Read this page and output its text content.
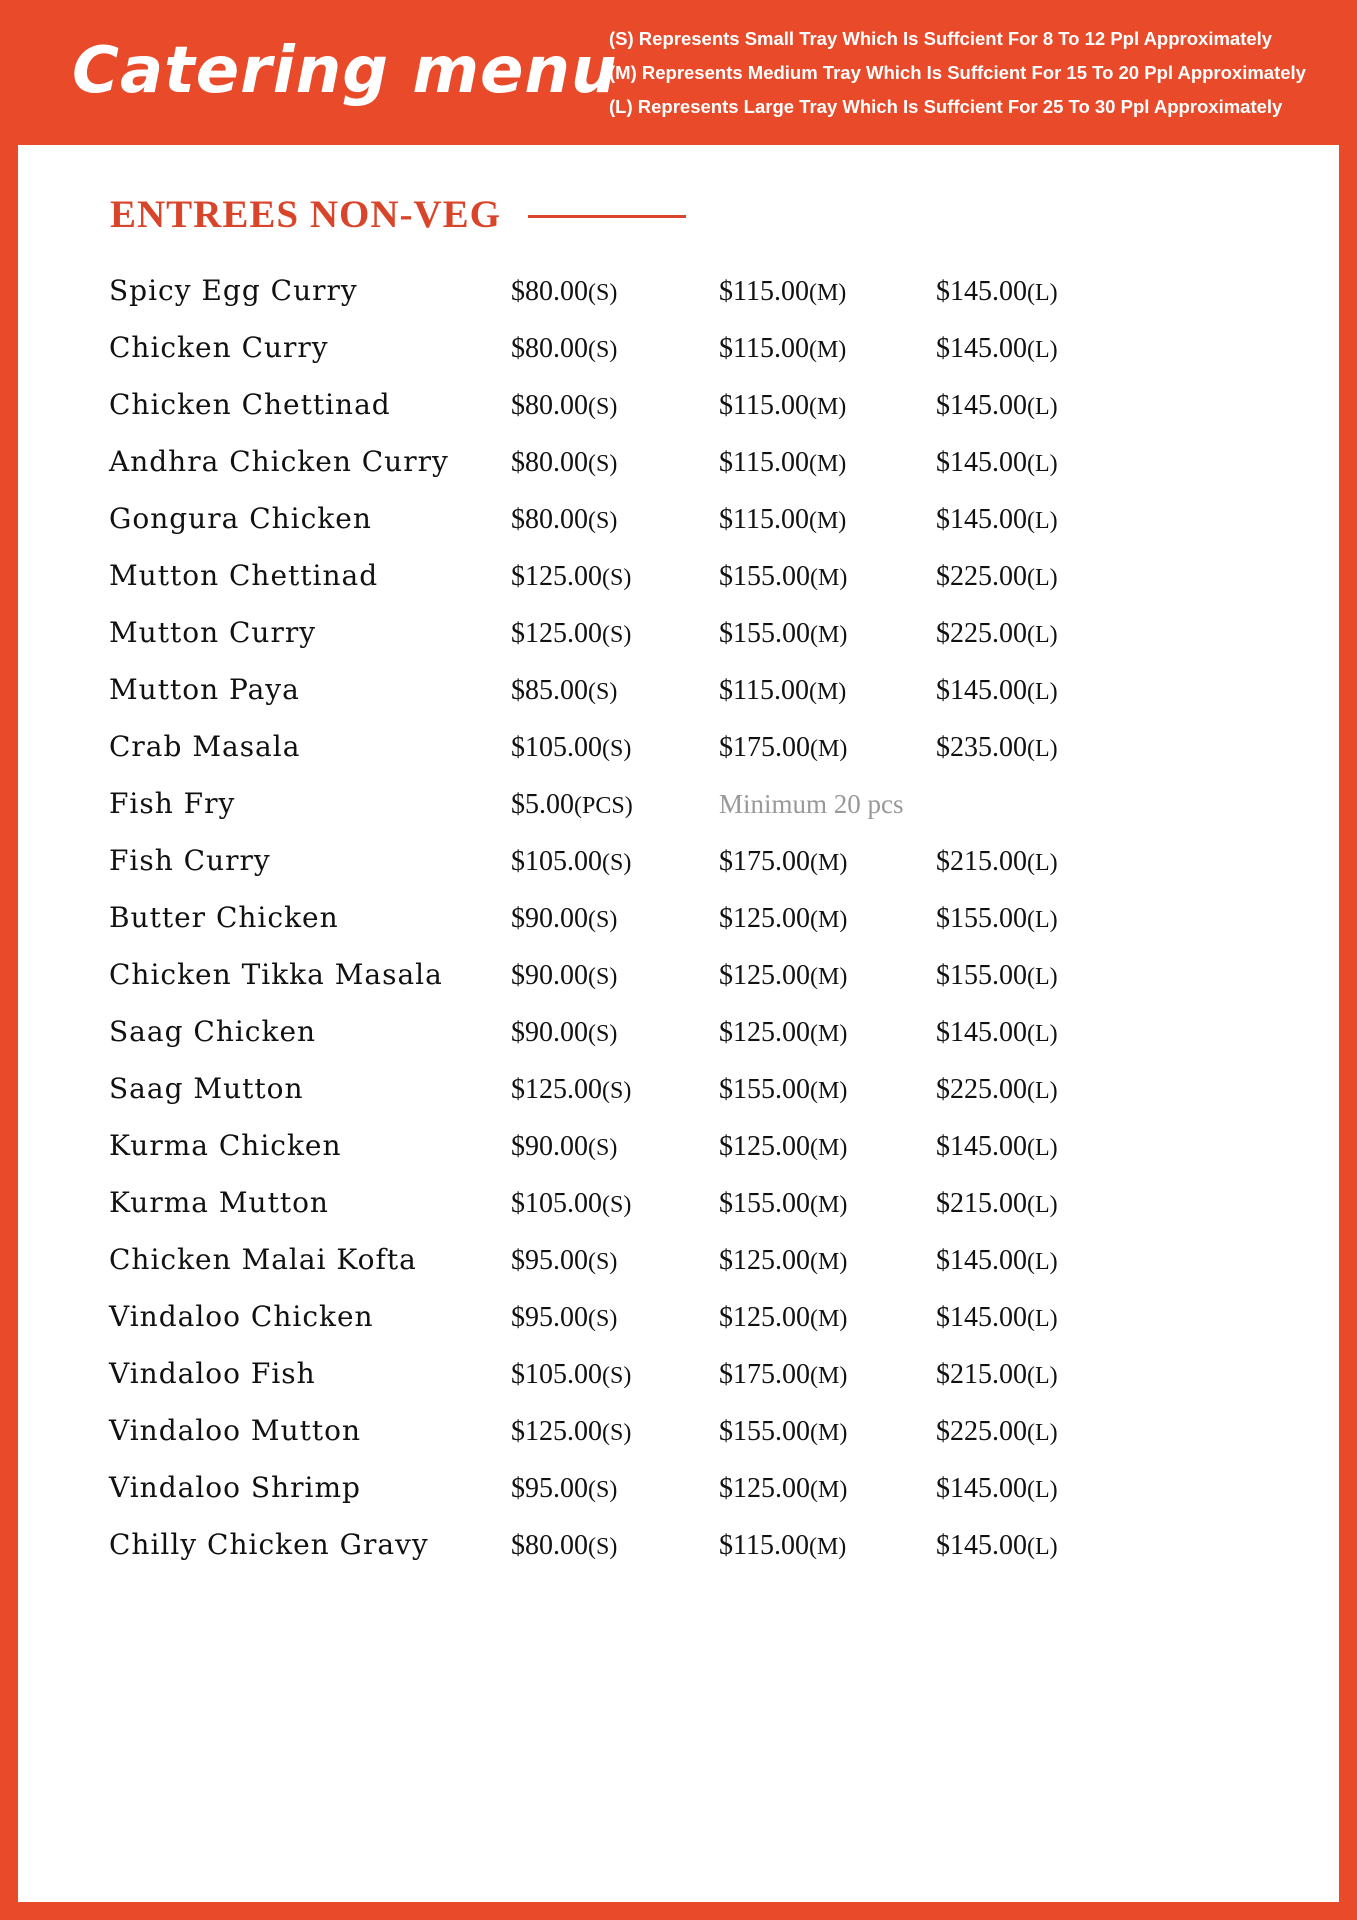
Catering menu
(S) Represents Small Tray Which Is Suffcient For 8 To 12 Ppl Approximately
(M) Represents Medium Tray Which Is Suffcient For 15 To 20 Ppl Approximately
(L) Represents Large Tray Which Is Suffcient For 25 To 30 Ppl Approximately
ENTREES NON-VEG
Spicy Egg Curry	$80.00(S)	$115.00(M)	$145.00(L)
Chicken Curry	$80.00(S)	$115.00(M)	$145.00(L)
Chicken Chettinad	$80.00(S)	$115.00(M)	$145.00(L)
Andhra Chicken Curry $80.00(S)	$115.00(M)	$145.00(L)
Gongura Chicken	$80.00(S)	$115.00(M)	$145.00(L)
Mutton Chettinad	$125.00(S)	$155.00(M)	$225.00(L)
Mutton Curry	$125.00(S)	$155.00(M)	$225.00(L)
Mutton Paya	$85.00(S)	$115.00(M)	$145.00(L)
Crab Masala	$105.00(S)	$175.00(M)	$235.00(L)
Fish Fry	$5.00(PCS)	Minimum 20 pcs
Fish Curry	$105.00(S)	$175.00(M)	$215.00(L)
Butter Chicken	$90.00(S)	$125.00(M)	$155.00(L)
Chicken Tikka Masala $90.00(S)	$125.00(M)	$155.00(L)
Saag Chicken	$90.00(S)	$125.00(M)	$145.00(L)
Saag Mutton	$125.00(S)	$155.00(M)	$225.00(L)
Kurma Chicken	$90.00(S)	$125.00(M)	$145.00(L)
Kurma Mutton	$105.00(S)	$155.00(M)	$215.00(L)
Chicken Malai Kofta	$95.00(S)	$125.00(M)	$145.00(L)
Vindaloo Chicken	$95.00(S)	$125.00(M)	$145.00(L)
Vindaloo Fish	$105.00(S)	$175.00(M)	$215.00(L)
Vindaloo Mutton	$125.00(S)	$155.00(M)	$225.00(L)
Vindaloo Shrimp	$95.00(S)	$125.00(M)	$145.00(L)
Chilly Chicken Gravy	$80.00(S)	$115.00(M)	$145.00(L)
